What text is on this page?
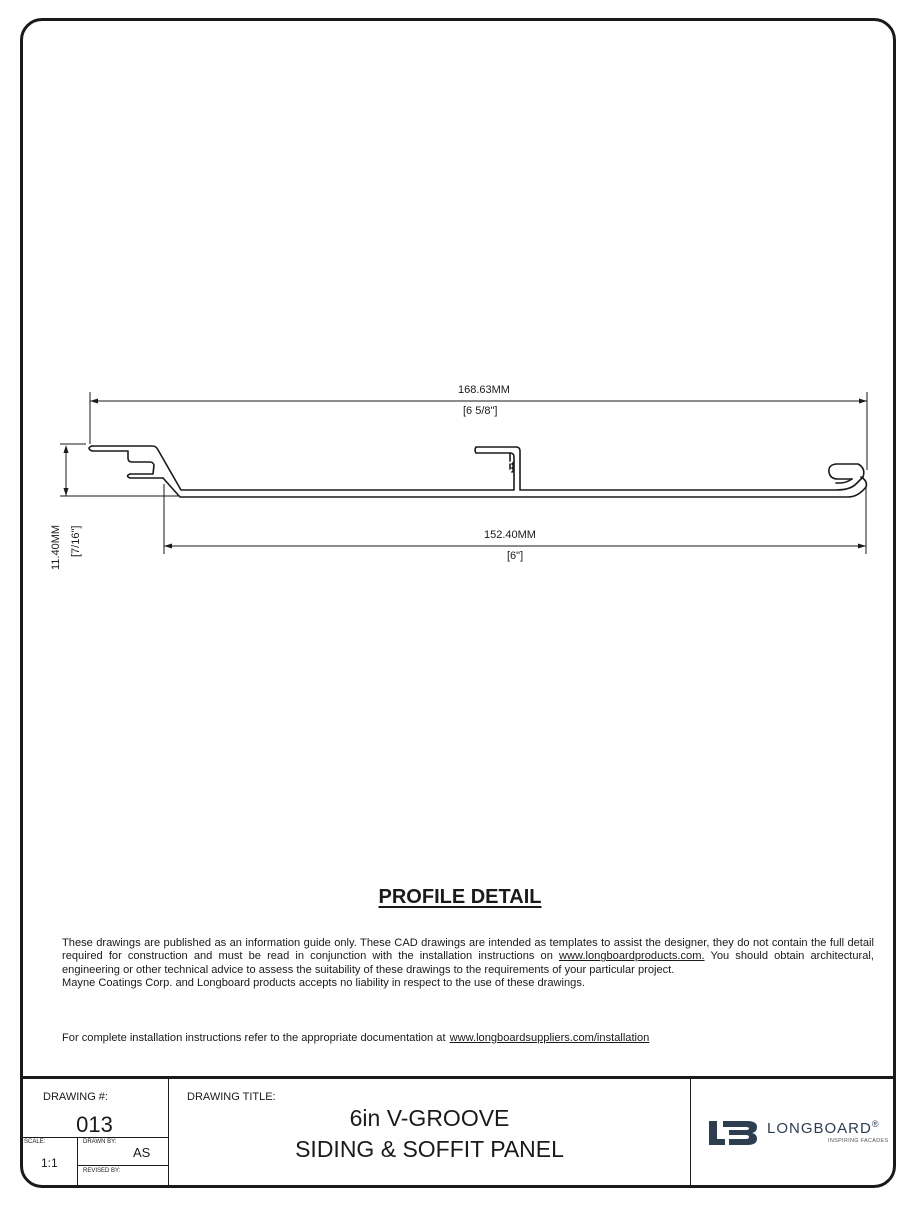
168.63MM
[6 5/8"]
152.40MM
[6"]
11.40MM [7/16"]
PROFILE DETAIL

These drawings are published as an information guide only. These CAD drawings are intended as templates to assist the designer, they do not contain the full detail required for construction and must be read in conjunction with the installation instructions on www.longboardproducts.com. You should obtain architectural, engineering or other technical advice to assess the suitability of these drawings to the requirements of your particular project.

Mayne Coatings Corp. and Longboard products accepts no liability in respect to the use of these drawings.

For complete installation instructions refer to the appropriate documentation at www.longboardsuppliers.com/installation
DRAWING #:
013
SCALE:
1:1
DRAWN BY:
AS
REVISED BY:
DRAWING TITLE:
6in V-GROOVE
SIDING & SOFFIT PANEL
LONGBOARD®
INSPIRING FACADES
